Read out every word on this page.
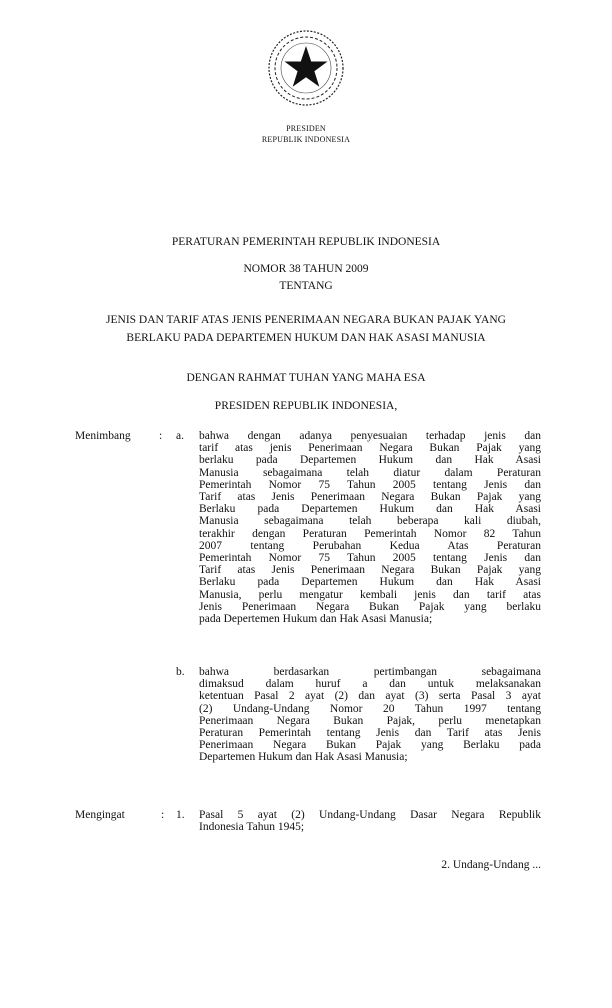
PRESIDEN
REPUBLIK INDONESIA
PERATURAN PEMERINTAH REPUBLIK INDONESIA
NOMOR 38 TAHUN 2009
TENTANG
JENIS DAN TARIF ATAS JENIS PENERIMAAN NEGARA BUKAN PAJAK YANG
BERLAKU PADA DEPARTEMEN HUKUM DAN HAK ASASI MANUSIA
DENGAN RAHMAT TUHAN YANG MAHA ESA
PRESIDEN REPUBLIK INDONESIA,
Menimbang : a. bahwa dengan adanya penyesuaian terhadap jenis dan
tarif atas jenis Penerimaan Negara Bukan Pajak yang
berlaku pada Departemen Hukum dan Hak Asasi
Manusia sebagaimana telah diatur dalam Peraturan
Pemerintah Nomor 75 Tahun 2005 tentang Jenis dan
Tarif atas Jenis Penerimaan Negara Bukan Pajak yang
Berlaku pada Departemen Hukum dan Hak Asasi
Manusia sebagaimana telah beberapa kali diubah,
terakhir dengan Peraturan Pemerintah Nomor 82 Tahun
2007 tentang Perubahan Kedua Atas Peraturan
Pemerintah Nomor 75 Tahun 2005 tentang Jenis dan
Tarif atas Jenis Penerimaan Negara Bukan Pajak yang
Berlaku pada Departemen Hukum dan Hak Asasi
Manusia, perlu mengatur kembali jenis dan tarif atas
Jenis Penerimaan Negara Bukan Pajak yang berlaku
pada Depertemen Hukum dan Hak Asasi Manusia;
b. bahwa berdasarkan pertimbangan sebagaimana
dimaksud dalam huruf a dan untuk melaksanakan
ketentuan Pasal 2 ayat (2) dan ayat (3) serta Pasal 3 ayat
(2) Undang-Undang Nomor 20 Tahun 1997 tentang
Penerimaan Negara Bukan Pajak, perlu menetapkan
Peraturan Pemerintah tentang Jenis dan Tarif atas Jenis
Penerimaan Negara Bukan Pajak yang Berlaku pada
Departemen Hukum dan Hak Asasi Manusia;
Mengingat	: 1. Pasal 5 ayat (2) Undang-Undang Dasar Negara Republik
Indonesia Tahun 1945;
2. Undang-Undang ...
